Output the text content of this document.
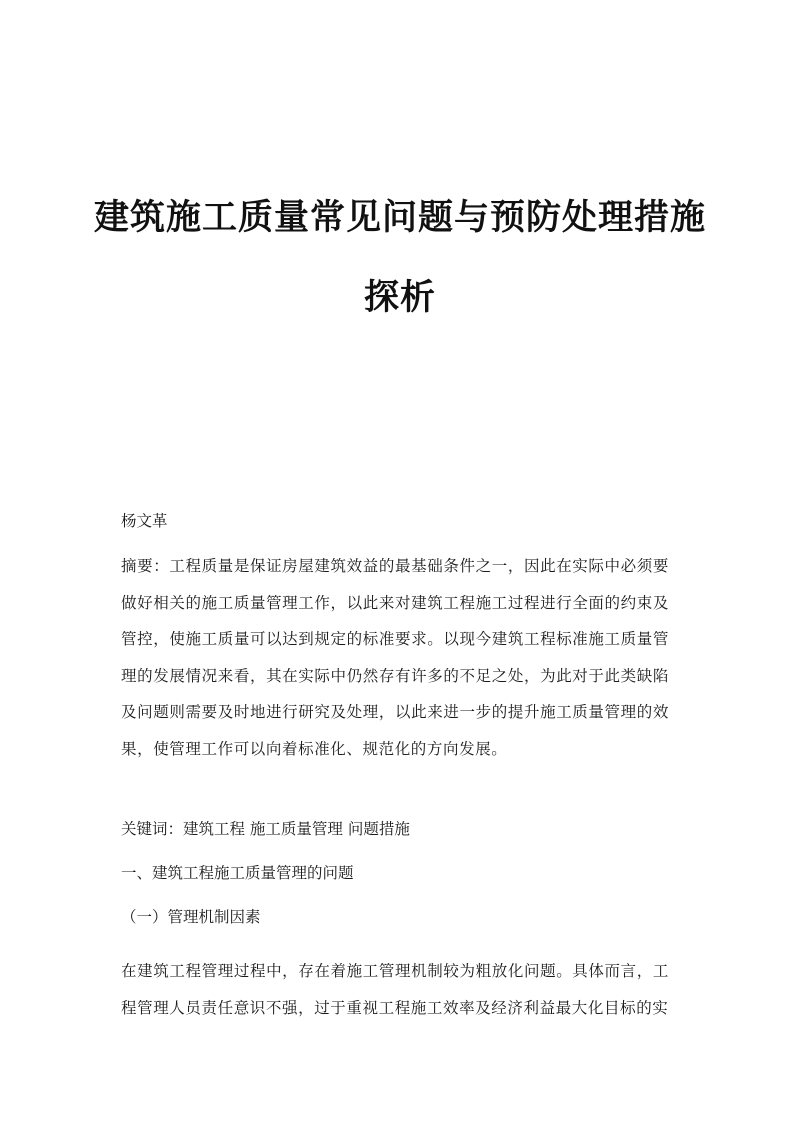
建筑施工质量常见问题与预防处理措施
探析

杨文革

摘要：工程质量是保证房屋建筑效益的最基础条件之一，因此在实际中必须要做好相关的施工质量管理工作，以此来对建筑工程施工过程进行全面的约束及管控，使施工质量可以达到规定的标准要求。以现今建筑工程标准施工质量管理的发展情况来看，其在实际中仍然存有许多的不足之处，为此对于此类缺陷及问题则需要及时地进行研究及处理，以此来进一步的提升施工质量管理的效果，使管理工作可以向着标准化、规范化的方向发展。

关键词：建筑工程 施工质量管理 问题措施

一、建筑工程施工质量管理的问题

（一）管理机制因素

在建筑工程管理过程中，存在着施工管理机制较为粗放化问题。具体而言，工程管理人员责任意识不强，过于重视工程施工效率及经济利益最大化目标的实
